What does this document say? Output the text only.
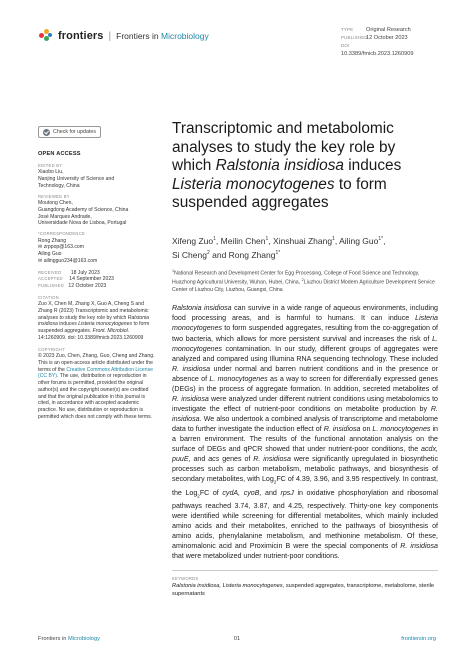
frontiers | Frontiers in Microbiology
TYPE Original Research
PUBLISHED12 October 2023
DOI10.3389/fmicb.2023.1260909
Check for updates
OPEN ACCESS
EDITED BY
Xiaobo Liu,
Nanjing University of Science and
Technology, China
REVIEWED BY
Moutong Chen,
Guangdong Academy of Science, China
José Marques Andrade,
Universidade Nova de Lisboa, Portugal
*CORRESPONDENCE
Rong Zhang
✉ zrppop@163.com
Ailing Guo
✉ ailingguo234@163.com
RECEIVED 18 July 2023
ACCEPTED 14 September 2023
PUBLISHED 12 October 2023
CITATION
Zuo X, Chen M, Zhang X, Guo A, Cheng S and Zhang R (2023) Transcriptomic and metabolomic analyses to study the key role by which Ralstonia insidiosa induces Listeria monocytogenes to form suspended aggregates. Front. Microbiol. 14:1260909. doi: 10.3389/fmicb.2023.1260909
COPYRIGHT
© 2023 Zuo, Chen, Zhang, Guo, Cheng and Zhang. This is an open-access article distributed under the terms of the Creative Commons Attribution License (CC BY). The use, distribution or reproduction in other forums is permitted, provided the original author(s) and the copyright owner(s) are credited and that the original publication in this journal is cited, in accordance with accepted academic practice. No use, distribution or reproduction is permitted which does not comply with these terms.
Transcriptomic and metabolomic analyses to study the key role by which Ralstonia insidiosa induces Listeria monocytogenes to form suspended aggregates
Xifeng Zuo$^1$, Meilin Chen$^1$, Xinshuai Zhang$^1$, Ailing Guo$^{1*}$,
Si Cheng$^2$ and Rong Zhang$^{1*}$
$^1$National Research and Development Center for Egg Processing, College of Food Science and Technology, Huazhong Agricultural University, Wuhan, Hubei, China, $^2$Liuzhou District Modern Agriculture Development Service Center of Liuzhou City, Liuzhou, Guangxi, China
Ralstonia insidiosa can survive in a wide range of aqueous environments, including food processing areas, and is harmful to humans. It can induce Listeria monocytogenes to form suspended aggregates, resulting from the co-aggregation of two bacteria, which allows for more persistent survival and increases the risk of L. monocytogenes contamination. In our study, different groups of aggregates were analyzed and compared using Illumina RNA sequencing technology. These included R. insidiosa under normal and barren nutrient conditions and in the presence or absence of L. monocytogenes as a way to screen for differentially expressed genes (DEGs) in the process of aggregate formation. In addition, secreted metabolites of R. insidiosa were analyzed under different nutrient conditions using metabolomics to investigate the effect of nutrient-poor conditions on metabolite production by R. insidiosa. We also undertook a combined analysis of transcriptome and metabolome data to further investigate the induction effect of R. insidiosa on L. monocytogenes in a barren environment. The results of the functional annotation analysis on the surface of DEGs and qPCR showed that under nutrient-poor conditions, the acdx, puuE, and acs genes of R. insidiosa were significantly upregulated in biosynthetic processes such as carbon metabolism, metabolic pathways, and biosynthesis of secondary metabolites, with Log$_2$FC of 4.39, 3.96, and 3.95 respectively. In contrast, the Log$_2$FC of cydA, cyoB, and rpsJ in oxidative phosphorylation and ribosomal pathways reached 3.74, 3.87, and 4.25, respectively. Thirty-one key components were identified while screening for differential metabolites, which mainly included amino acids and their metabolites, enriched to the pathways of biosynthesis of amino acids, phenylalanine metabolism, and methionine metabolism. Of these, aminomalonic acid and Proximicin B were the special components of R. insidiosa that were metabolized under nutrient-poor conditions.
KEYWORDS
Ralstonia insidiosa, Listeria monocytogenes, suspended aggregates, transcriptome, metabolome, sterile supernatants
Frontiers in Microbiology	01	frontiersin.org
